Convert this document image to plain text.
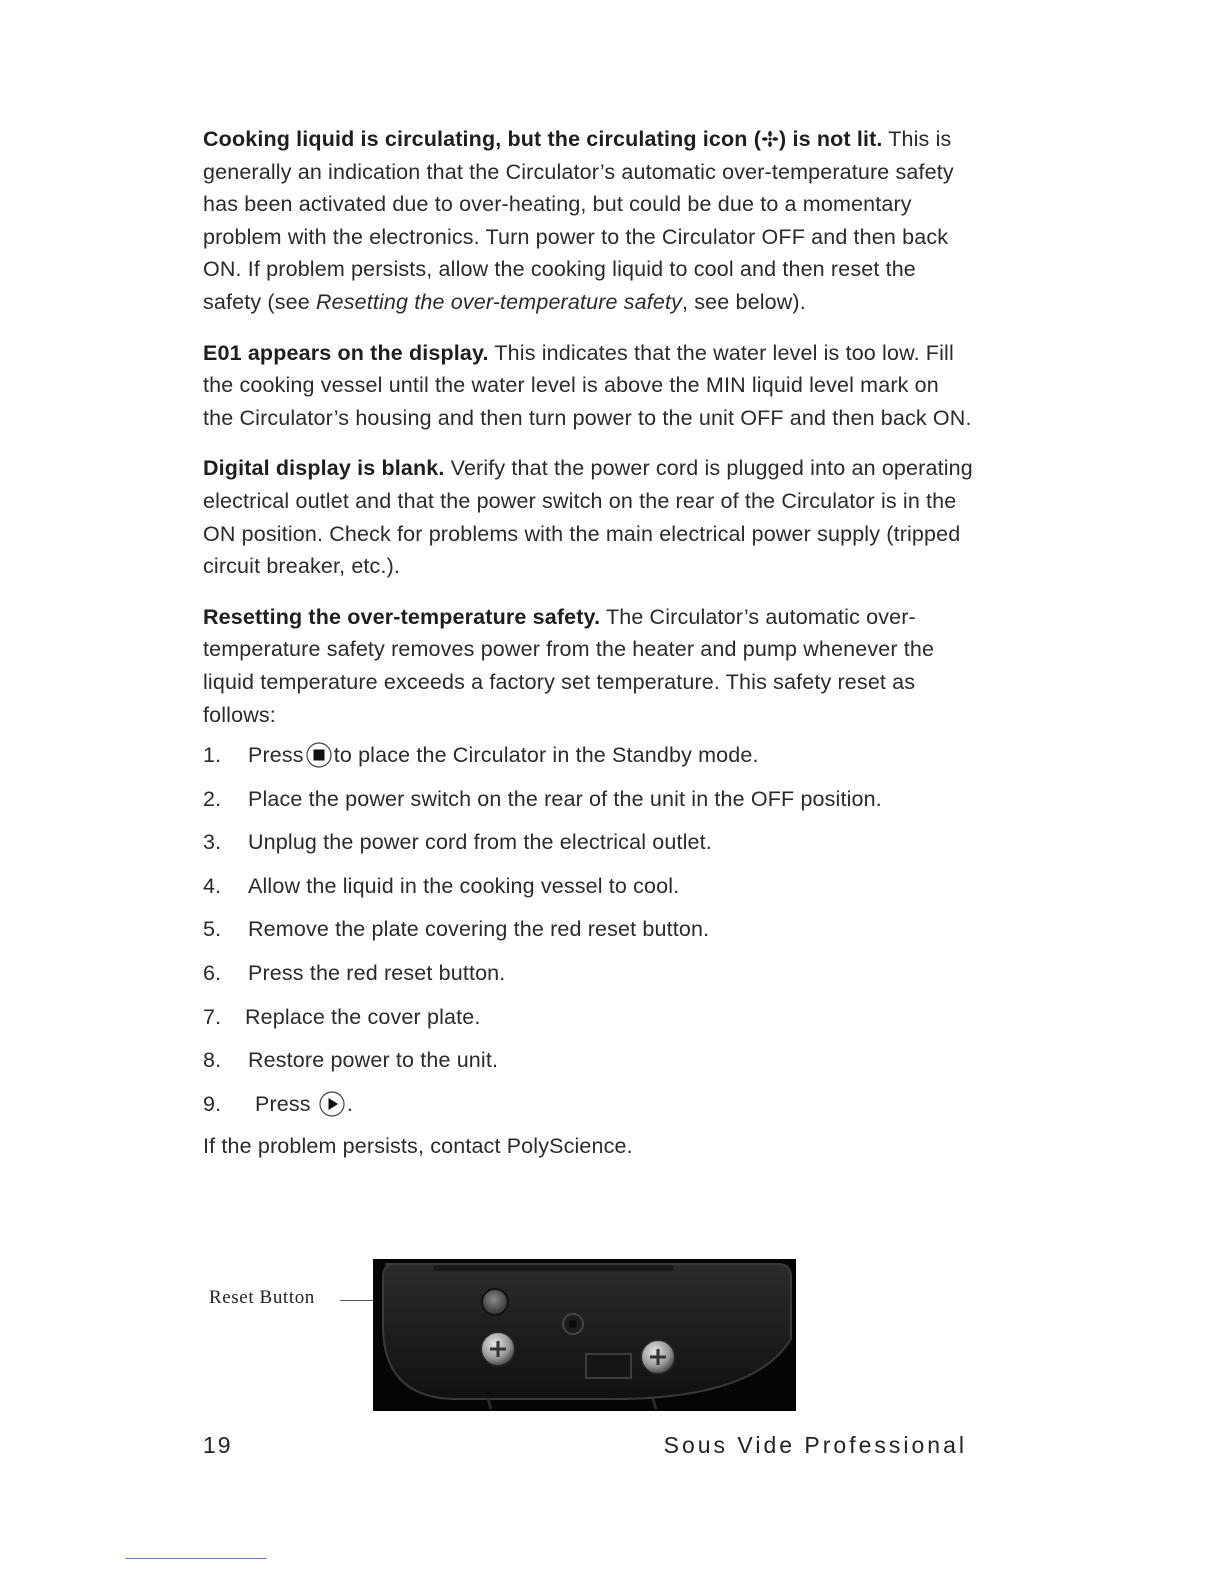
Cooking liquid is circulating, but the circulating icon ( ) is not lit. This is generally an indication that the Circulator’s automatic over-temperature safety has been activated due to over-heating, but could be due to a momentary problem with the electronics. Turn power to the Circulator OFF and then back ON. If problem persists, allow the cooking liquid to cool and then reset the safety (see Resetting the over-temperature safety, see below).

E01 appears on the display. This indicates that the water level is too low. Fill the cooking vessel until the water level is above the MIN liquid level mark on the Circulator’s housing and then turn power to the unit OFF and then back ON.

Digital display is blank. Verify that the power cord is plugged into an operating electrical outlet and that the power switch on the rear of the Circulator is in the ON position. Check for problems with the main electrical power supply (tripped circuit breaker, etc.).

Resetting the over-temperature safety. The Circulator’s automatic over-temperature safety removes power from the heater and pump whenever the liquid temperature exceeds a factory set temperature. This safety reset as follows:

1.	Press to place the Circulator in the Standby mode.
2.	Place the power switch on the rear of the unit in the OFF position.
3.	Unplug the power cord from the electrical outlet.
4.	Allow the liquid in the cooking vessel to cool.
5.	Remove the plate covering the red reset button.
6.	Press the red reset button.
7.	Replace the cover plate.
8.	Restore power to the unit.
9.	Press .

If the problem persists, contact PolyScience.

Reset Button
19	Sous Vide Professional
